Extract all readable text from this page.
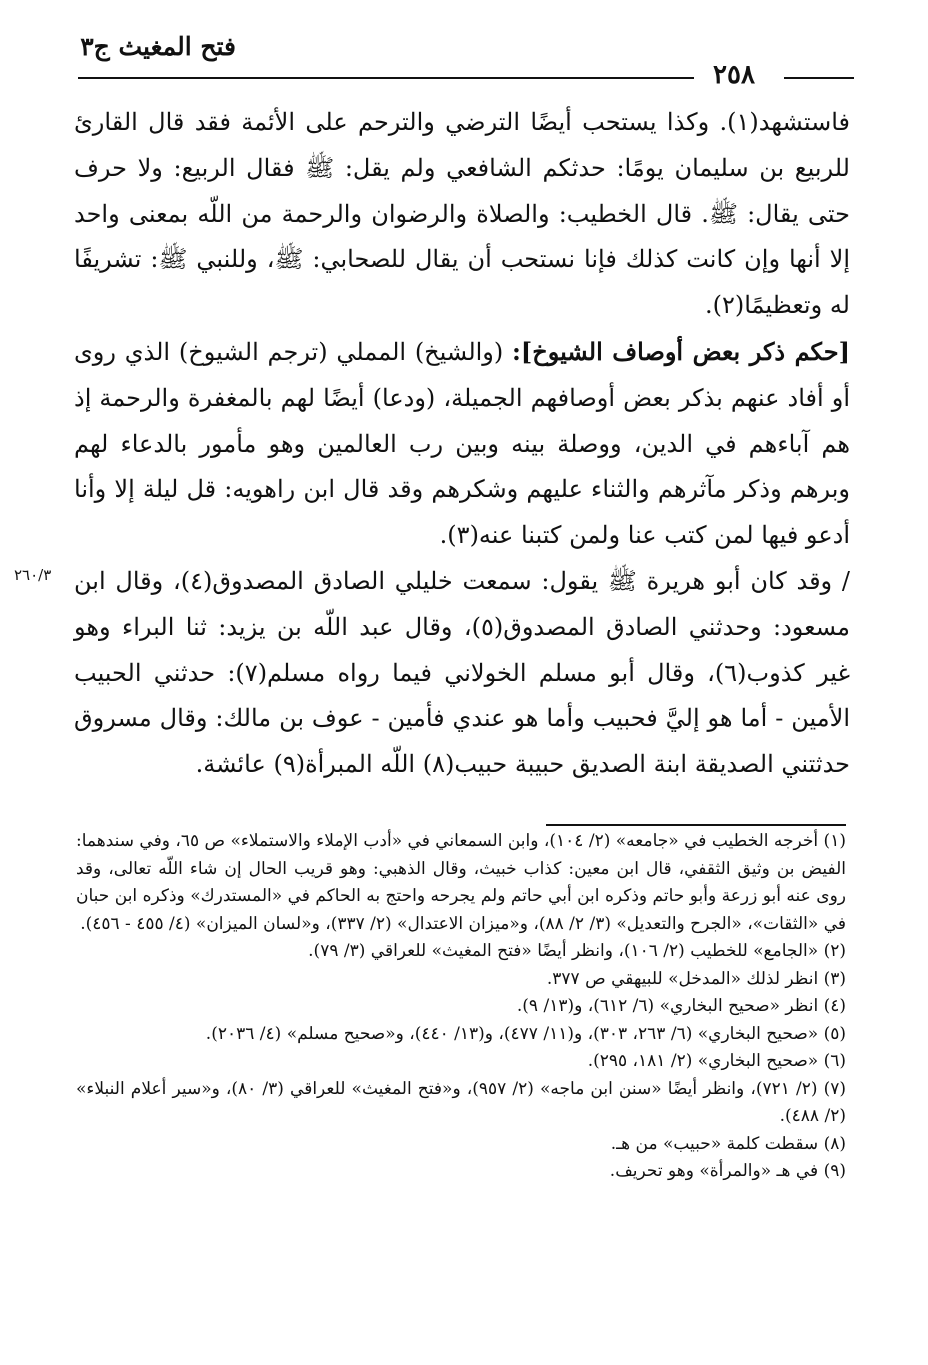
فتح المغيث ج٣
٢٥٨

فاستشهد(١). وكذا يستحب أيضًا الترضي والترحم على الأئمة فقد قال القارئ للربيع بن سليمان يومًا: حدثكم الشافعي ولم يقل: ﷺ فقال الربيع: ولا حرف حتى يقال: ﷺ. قال الخطيب: والصلاة والرضوان والرحمة من اللّه بمعنى واحد إلا أنها وإن كانت كذلك فإنا نستحب أن يقال للصحابي: ﷺ، وللنبي ﷺ: تشريفًا له وتعظيمًا(٢).

[حكم ذكر بعض أوصاف الشيوخ]: (والشيخ) المملي (ترجم الشيوخ) الذي روى أو أفاد عنهم بذكر بعض أوصافهم الجميلة، (ودعا) أيضًا لهم بالمغفرة والرحمة إذ هم آباءهم في الدين، ووصلة بينه وبين رب العالمين وهو مأمور بالدعاء لهم وبرهم وذكر مآثرهم والثناء عليهم وشكرهم وقد قال ابن راهويه: قل ليلة إلا وأنا أدعو فيها لمن كتب عنا ولمن كتبنا عنه(٣).

/ وقد كان أبو هريرة ﷺ يقول: سمعت خليلي الصادق المصدوق(٤)، وقال ابن مسعود: وحدثني الصادق المصدوق(٥)، وقال عبد اللّه بن يزيد: ثنا البراء وهو غير كذوب(٦)، وقال أبو مسلم الخولاني فيما رواه مسلم(٧): حدثني الحبيب الأمين - أما هو إليَّ فحبيب وأما هو عندي فأمين - عوف بن مالك: وقال مسروق حدثتني الصديقة ابنة الصديق حبيبة حبيب(٨) اللّه المبرأة(٩) عائشة.

٢٦٠/٣

(١) أخرجه الخطيب في «جامعه» (٢/ ١٠٤)، وابن السمعاني في «أدب الإملاء والاستملاء» ص ٦٥، وفي سندهما: الفيض بن وثيق الثقفي، قال ابن معين: كذاب خبيث، وقال الذهبي: وهو قريب الحال إن شاء اللّه تعالى، وقد روى عنه أبو زرعة وأبو حاتم وذكره ابن أبي حاتم ولم يجرحه واحتج به الحاكم في «المستدرك» وذكره ابن حبان في «الثقات»، «الجرح والتعديل» (٣/ ٢/ ٨٨)، و«ميزان الاعتدال» (٢/ ٣٣٧)، و«لسان الميزان» (٤/ ٤٥٥ - ٤٥٦).

(٢) «الجامع» للخطيب (٢/ ١٠٦)، وانظر أيضًا «فتح المغيث» للعراقي (٣/ ٧٩).

(٣) انظر لذلك «المدخل» للبيهقي ص ٣٧٧.

(٤) انظر «صحيح البخاري» (٦/ ٦١٢)، و(١٣/ ٩).

(٥) «صحيح البخاري» (٦/ ٢٦٣، ٣٠٣)، و(١١/ ٤٧٧)، و(١٣/ ٤٤٠)، و«صحيح مسلم» (٤/ ٢٠٣٦).

(٦) «صحيح البخاري» (٢/ ١٨١، ٢٩٥).

(٧) (٢/ ٧٢١)، وانظر أيضًا «سنن ابن ماجه» (٢/ ٩٥٧)، و«فتح المغيث» للعراقي (٣/ ٨٠)، و«سير أعلام النبلاء» (٢/ ٤٨٨).

(٨) سقطت كلمة «حبيب» من هـ.

(٩) في هـ «والمرأة» وهو تحريف.
